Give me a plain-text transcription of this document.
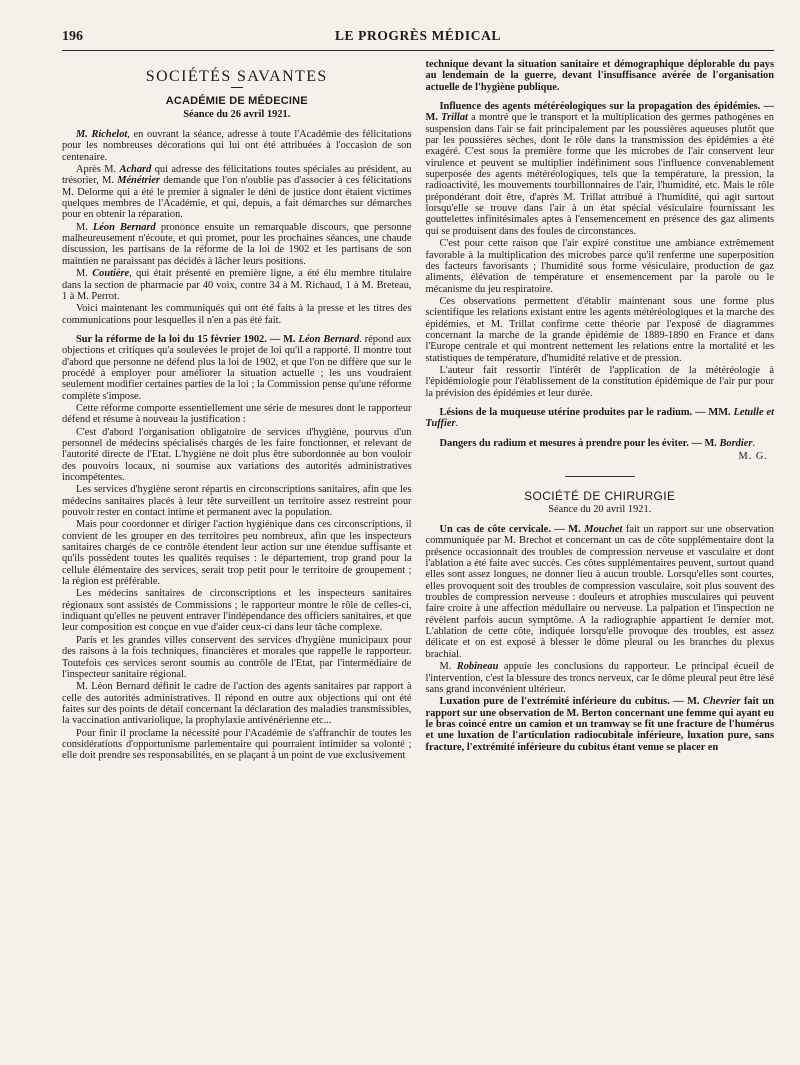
196	LE PROGRÈS MÉDICAL
SOCIÉTÉS SAVANTES
ACADÉMIE DE MÉDECINE
Séance du 26 avril 1921.

M. Richelot, en ouvrant la séance, adresse à toute l'Académie des félicitations pour les nombreuses décorations qui lui ont été attribuées à l'occasion de son centenaire.

Après M. Achard qui adresse des félicitations toutes spéciales au président, au trésorier, M. Ménétrier demande que l'on n'oublie pas d'associer à ces félicitations M. Delorme qui a été le premier à signaler le déni de justice dont étaient victimes quelques membres de l'Académie, et qui, depuis, a fait démarches sur démarches pour en obtenir la réparation.

M. Léon Bernard prononce ensuite un remarquable discours, que personne malheureusement n'écoute, et qui promet, pour les prochaines séances, une chaude discussion, les partisans de la réforme de la loi de 1902 et les partisans de son maintien ne paraissant pas décidés à lâcher leurs positions.

M. Coutière, qui était présenté en première ligne, a été élu membre titulaire dans la section de pharmacie par 40 voix, contre 34 à M. Richaud, 1 à M. Breteau, 1 à M. Perrot.

Voici maintenant les communiqués qui ont été faits à la presse et les titres des communications pour lesquelles il n'en a pas été fait.

Sur la réforme de la loi du 15 février 1902. — M. Léon Bernard. répond aux objections et critiques qu'a soulevées le projet de loi qu'il a rapporté. Il montre tout d'abord que personne ne défend plus la loi de 1902, et que l'on ne diffère que sur le procédé à employer pour améliorer la situation actuelle ; les uns voudraient seulement modifier certaines parties de la loi ; la Commission pense qu'une réforme complète s'impose.

Cette réforme comporte essentiellement une série de mesures dont le rapporteur défend et résume à nouveau la justification :

C'est d'abord l'organisation obligatoire de services d'hygiène, pourvus d'un personnel de médecins spécialisés chargés de les faire fonctionner, et relevant de l'autorité directe de l'Etat. L'hygiène ne doit plus être subordonnée au bon vouloir des pouvoirs locaux, ni soumise aux variations des autorités administratives incompétentes.

Les services d'hygiène seront répartis en circonscriptions sanitaires, afin que les médecins sanitaires placés à leur tête surveillent un territoire assez restreint pour pouvoir rester en contact intime et permanent avec la population.

Mais pour coordonner et diriger l'action hygiénique dans ces circonscriptions, il convient de les grouper en des territoires peu nombreux, afin que les inspecteurs sanitaires chargés de ce contrôle étendent leur action sur une étendue suffisante et qu'ils possèdent toutes les qualités requises : le département, trop grand pour la cellule élémentaire des services, serait trop petit pour le territoire de groupement ; la région est préférable.

Les médecins sanitaires de circonscriptions et les inspecteurs sanitaires régionaux sont assistés de Commissions ; le rapporteur montre le rôle de celles-ci, indiquant qu'elles ne peuvent entraver l'indépendance des officiers sanitaires, et que leur composition est conçue en vue d'aider ceux-ci dans leur tâche complexe.

Paris et les grandes villes conservent des services d'hygiène municipaux pour des raisons à la fois techniques, financières et morales que rappelle le rapporteur. Toutefois ces services seront soumis au contrôle de l'Etat, par l'intermédiaire de l'inspecteur sanitaire régional.

M. Léon Bernard définit le cadre de l'action des agents sanitaires par rapport à celle des autorités administratives. Il répond en outre aux objections qui ont été faites sur des points de détail concernant la déclaration des maladies transmissibles, la vaccination antivariolique, la prophylaxie antivénérienne etc...

Pour finir il proclame la nécessité pour l'Académie de s'affranchir de toutes les considérations d'opportunisme parlementaire qui pourraient intimider sa volonté ; elle doit prendre ses responsabilités, en se plaçant à un point de vue exclusivement

technique devant la situation sanitaire et démographique déplorable du pays au lendemain de la guerre, devant l'insuffisance avérée de l'organisation actuelle de l'hygiène publique.

Influence des agents météréologiques sur la propagation des épidémies. — M. Trillat a montré que le transport et la multiplication des germes pathogènes en suspension dans l'air se fait principalement par les poussières aqueuses plutôt que par les poussières sèches, dont le rôle dans la transmission des épidémies a été exagéré. C'est sous la première forme que les microbes de l'air conservent leur virulence et peuvent se multiplier indéfiniment sous l'influence convenablement superposée des agents météréologiques, tels que la température, la pression, la radioactivité, les mouvements tourbillonnaires de l'air, l'humidité, etc. Mais le rôle prépondérant doit être, d'après M. Trillat attribué à l'humidité, qui agit surtout lorsqu'elle se trouve dans l'air à un état spécial vésiculaire fournissant les gouttelettes infinitésimales aptes à l'ensemencement en présence des gaz aliments qui se produisent dans des foules de circonstances.

C'est pour cette raison que l'air expiré constitue une ambiance extrêmement favorable à la multiplication des microbes parce qu'il renferme une superposition des facteurs favorisants ; l'humidité sous forme vésiculaire, production de gaz aliments, élévation de température et ensemencement par la parole ou le mécanisme du jeu respiratoire.

Ces observations permettent d'établir maintenant sous une forme plus scientifique les relations existant entre les agents météréologiques et la marche des épidémies, et M. Trillat confirme cette théorie par l'exposé de diagrammes concernant la marche de la grande épidémie de 1889-1890 en France et dans l'Europe centrale et qui montrent nettement les relations entre la mortalité et les statistiques de température, d'humidité relative et de pression.

L'auteur fait ressortir l'intérêt de l'application de la météréologie à l'épidémiologie pour l'établissement de la constitution épidémique de l'air pur pour la prévision des épidémies et leur durée.

Lésions de la muqueuse utérine produites par le radium. — MM. Letulle et Tuffier.

Dangers du radium et mesures à prendre pour les éviter. — M. Bordier.

M. G.
SOCIÉTÉ DE CHIRURGIE
Séance du 20 avril 1921.

Un cas de côte cervicale. — M. Mouchet fait un rapport sur une observation communiquée par M. Brechot et concernant un cas de côte supplémentaire dont la présence occasionnait des troubles de compression nerveuse et vasculaire et dont l'ablation a été faite avec succès. Ces côtes supplémentaires peuvent, surtout quand elles sont assez longues, ne donner lieu à aucun trouble. Lorsqu'elles sont courtes, elles provoquent soit des troubles de compression vasculaire, soit plus souvent des troubles de compression nerveuse : douleurs et atrophies musculaires qui peuvent faire croire à une affection médullaire ou nerveuse. La palpation et l'inspection ne révèlent parfois aucun symptôme. A la radiographie appartient le dernier mot. L'ablation de cette côte, indiquée lorsqu'elle provoque des troubles, est assez délicate et on est exposé à blesser le dôme pleural ou les branches du plexus brachial.

M. Robineau appuie les conclusions du rapporteur. Le principal écueil de l'intervention, c'est la blessure des troncs nerveux, car le dôme pleural peut être lésé sans grand inconvénient ultérieur.

Luxation pure de l'extrémité inférieure du cubitus. — M. Chevrier fait un rapport sur une observation de M. Berton concernant une femme qui ayant eu le bras coincé entre un camion et un tramway se fit une fracture de l'humérus et une luxation de l'articulation radiocubitale inférieure, luxation pure, sans fracture, l'extrémité inférieure du cubitus étant venue se placer en
